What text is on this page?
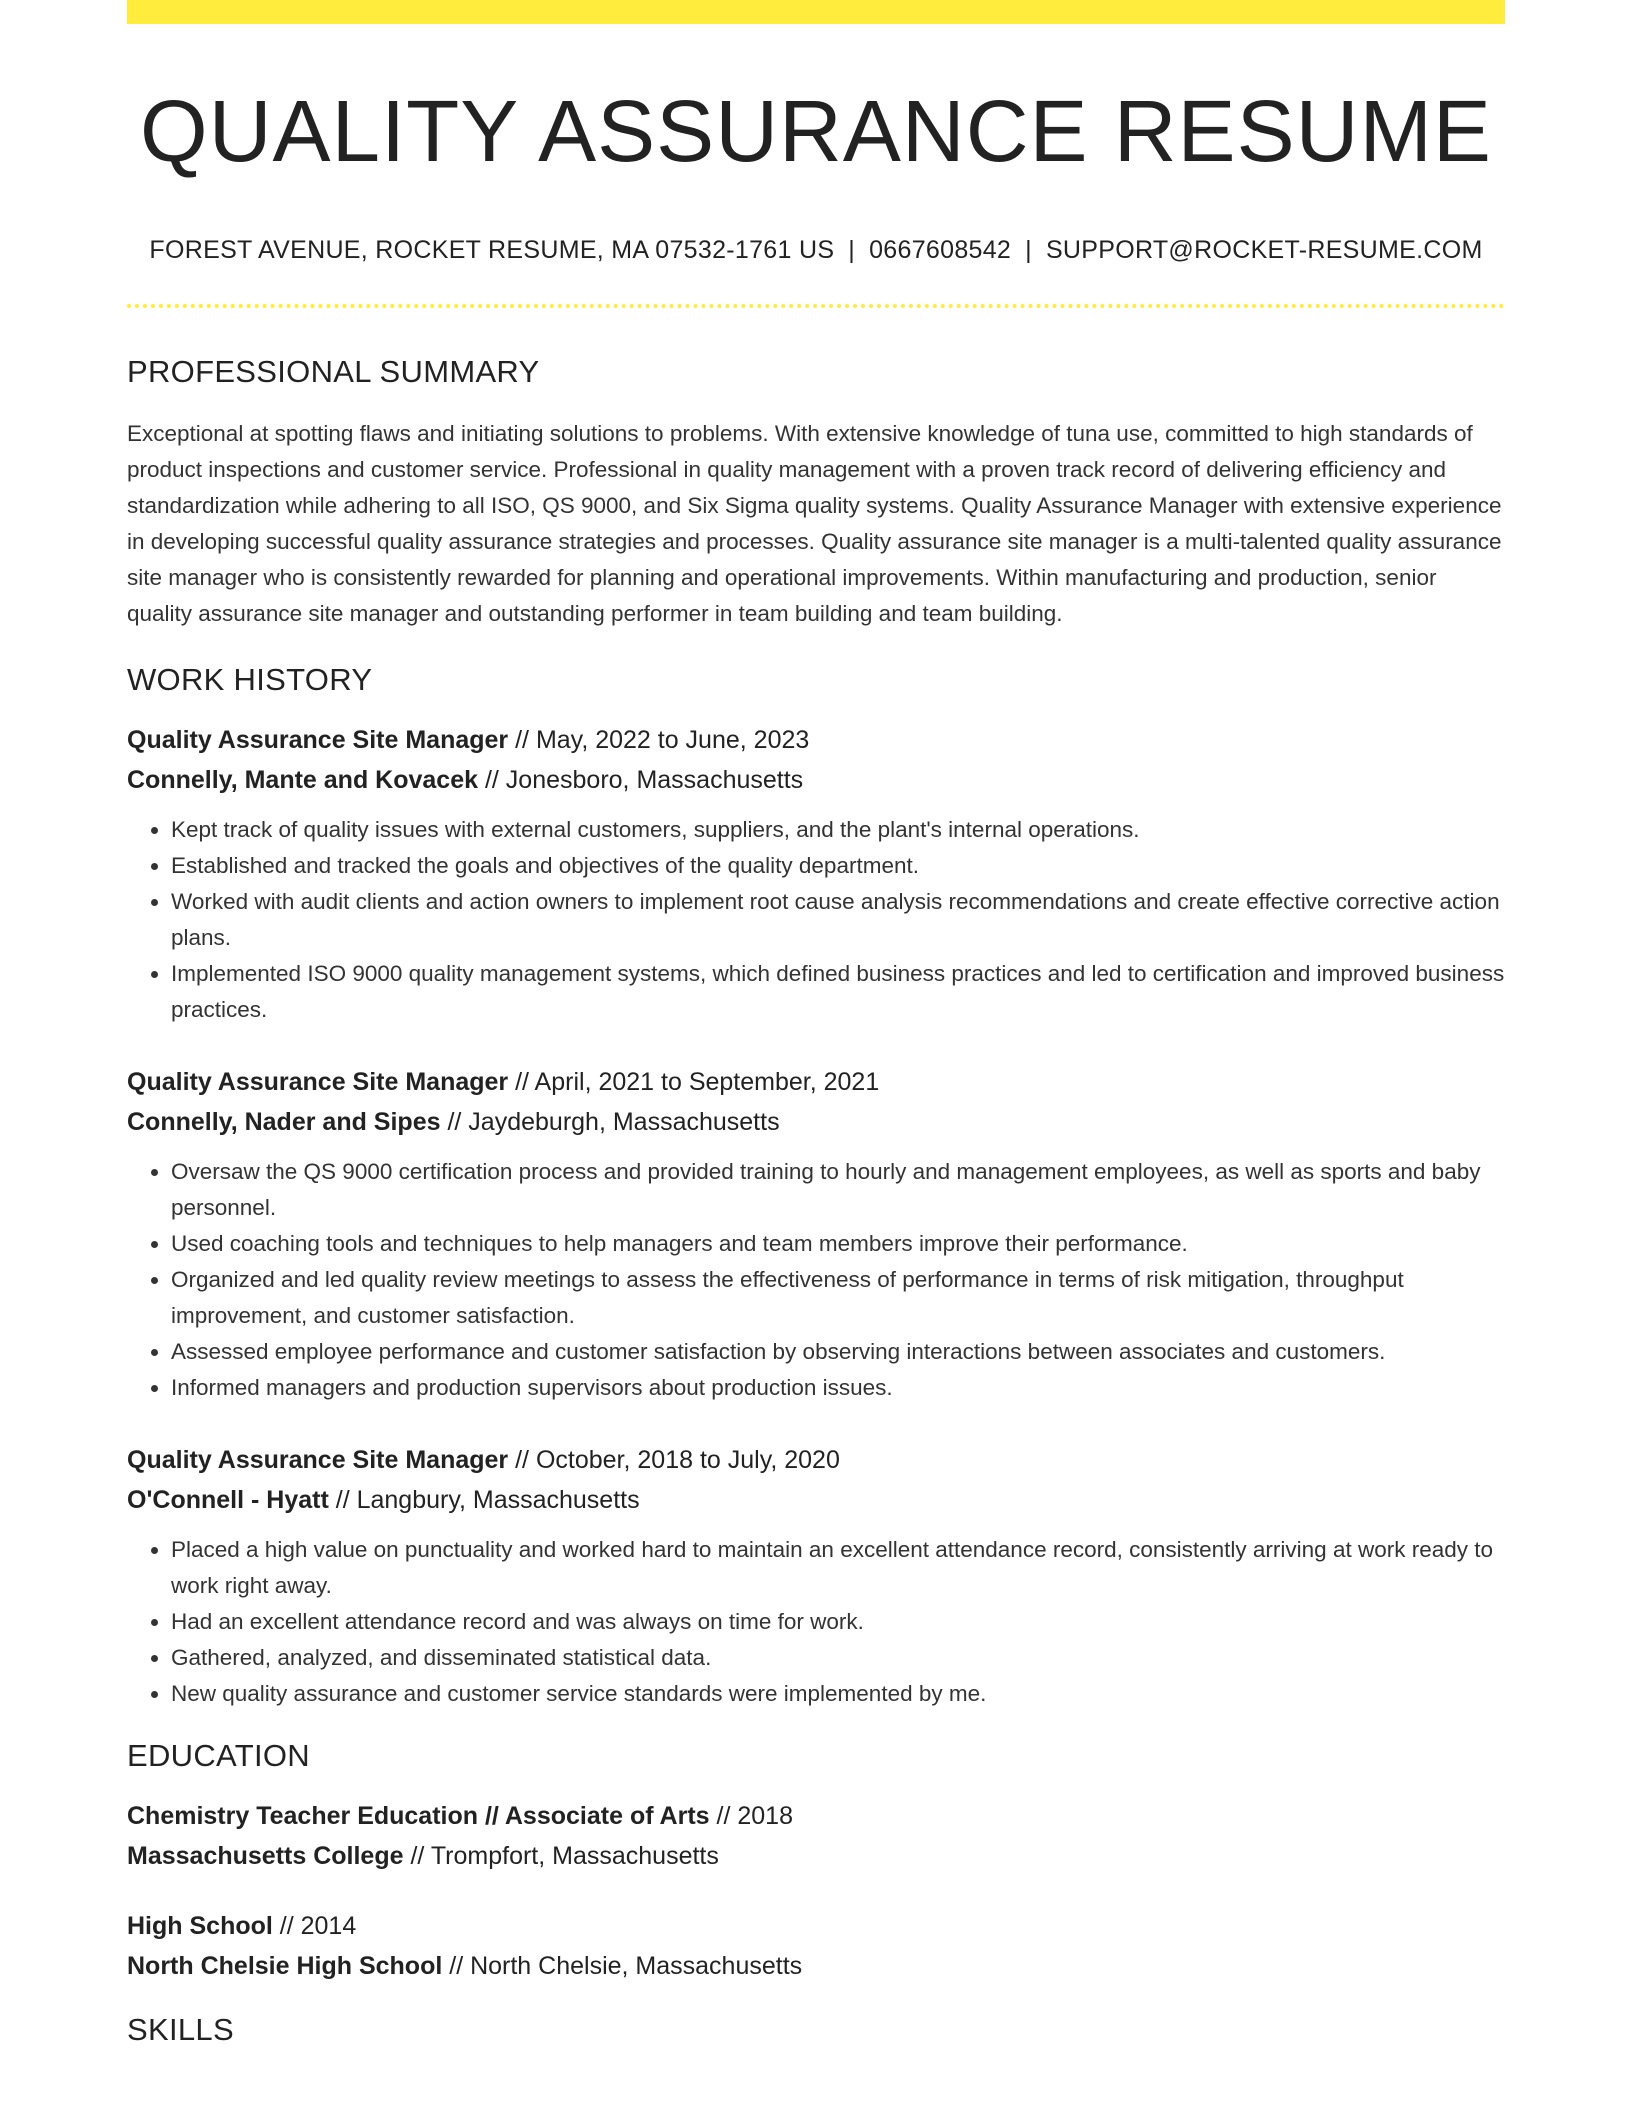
QUALITY ASSURANCE RESUME
FOREST AVENUE, ROCKET RESUME, MA 07532-1761 US | 0667608542 | SUPPORT@ROCKET-RESUME.COM
PROFESSIONAL SUMMARY
Exceptional at spotting flaws and initiating solutions to problems. With extensive knowledge of tuna use, committed to high standards of product inspections and customer service. Professional in quality management with a proven track record of delivering efficiency and standardization while adhering to all ISO, QS 9000, and Six Sigma quality systems. Quality Assurance Manager with extensive experience in developing successful quality assurance strategies and processes. Quality assurance site manager is a multi-talented quality assurance site manager who is consistently rewarded for planning and operational improvements. Within manufacturing and production, senior quality assurance site manager and outstanding performer in team building and team building.
WORK HISTORY
Quality Assurance Site Manager // May, 2022 to June, 2023
Connelly, Mante and Kovacek // Jonesboro, Massachusetts
• Kept track of quality issues with external customers, suppliers, and the plant's internal operations.
• Established and tracked the goals and objectives of the quality department.
• Worked with audit clients and action owners to implement root cause analysis recommendations and create effective corrective action plans.
• Implemented ISO 9000 quality management systems, which defined business practices and led to certification and improved business practices.
Quality Assurance Site Manager // April, 2021 to September, 2021
Connelly, Nader and Sipes // Jaydeburgh, Massachusetts
• Oversaw the QS 9000 certification process and provided training to hourly and management employees, as well as sports and baby personnel.
• Used coaching tools and techniques to help managers and team members improve their performance.
• Organized and led quality review meetings to assess the effectiveness of performance in terms of risk mitigation, throughput improvement, and customer satisfaction.
• Assessed employee performance and customer satisfaction by observing interactions between associates and customers.
• Informed managers and production supervisors about production issues.
Quality Assurance Site Manager // October, 2018 to July, 2020
O'Connell - Hyatt // Langbury, Massachusetts
• Placed a high value on punctuality and worked hard to maintain an excellent attendance record, consistently arriving at work ready to work right away.
• Had an excellent attendance record and was always on time for work.
• Gathered, analyzed, and disseminated statistical data.
• New quality assurance and customer service standards were implemented by me.
EDUCATION
Chemistry Teacher Education // Associate of Arts // 2018
Massachusetts College // Trompfort, Massachusetts
High School // 2014
North Chelsie High School // North Chelsie, Massachusetts
SKILLS
